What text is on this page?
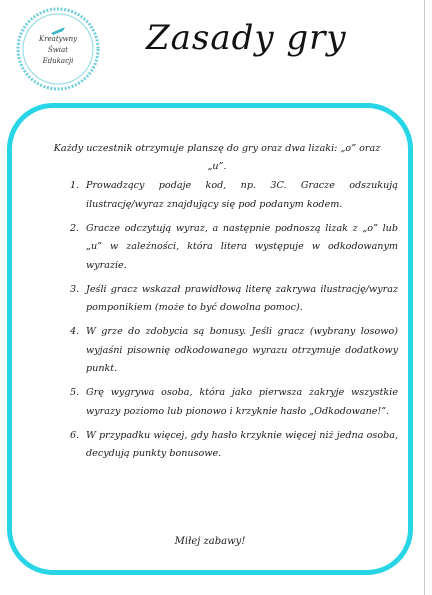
Kreatywny
Świat
Edukacji
Zasady gry

Każdy uczestnik otrzymuje planszę do gry oraz dwa lizaki: „o” oraz „u”.

1. Prowadzący podaje kod, np. 3C. Gracze odszukują ilustrację/wyraz znajdujący się pod podanym kodem.
2. Gracze odczytują wyraz, a następnie podnoszą lizak z „o” lub „u” w zależności, która litera występuje w odkodowanym wyrazie.
3. Jeśli gracz wskazał prawidłową literę zakrywa ilustrację/wyraz pomponikiem (może to być dowolna pomoc).
4. W grze do zdobycia są bonusy. Jeśli gracz (wybrany losowo) wyjaśni pisownię odkodowanego wyrazu otrzymuje dodatkowy punkt.
5. Grę wygrywa osoba, która jako pierwsza zakryje wszystkie wyrazy poziomo lub pionowo i krzyknie hasło „Odkodowane!”.
6. W przypadku więcej, gdy hasło krzyknie więcej niż jedna osoba, decydują punkty bonusowe.

Miłej zabawy!
